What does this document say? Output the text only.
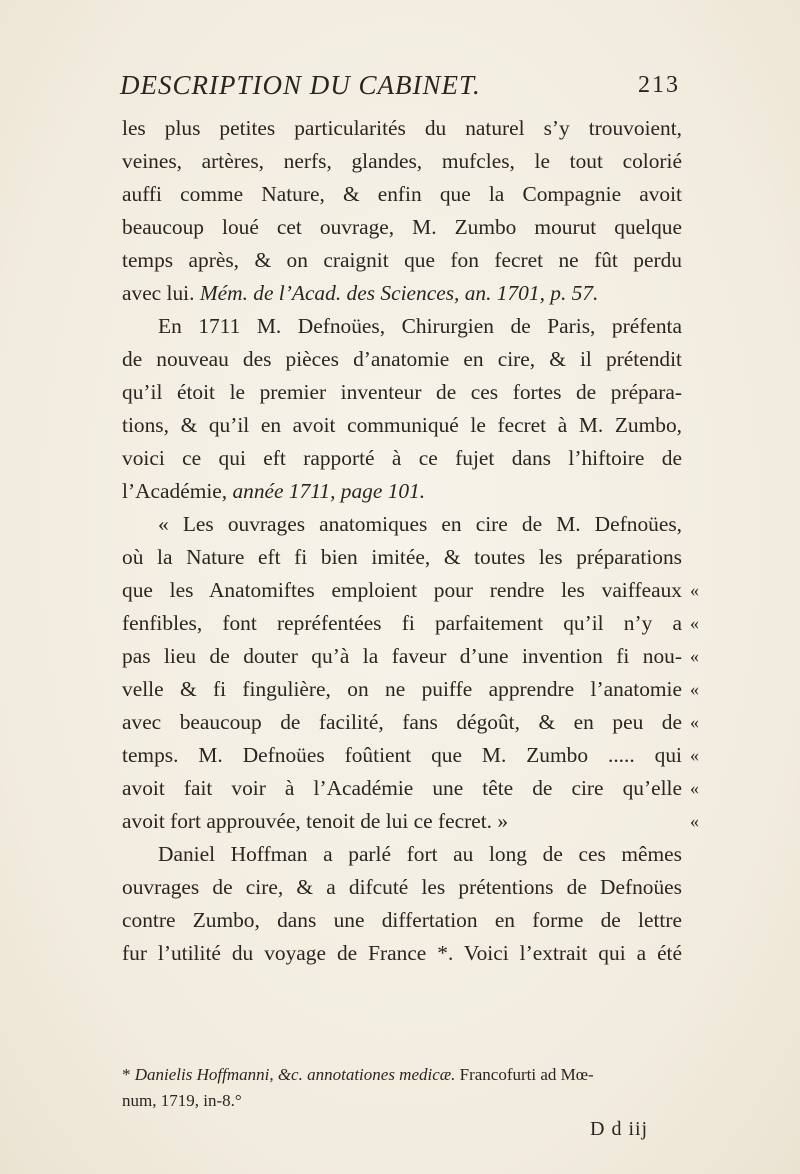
DESCRIPTION DU CABINET.	213
les plus petites particularités du naturel s’y trouvoient,
veines, artères, nerfs, glandes, mufcles, le tout colorié
auffi comme Nature, & enfin que la Compagnie avoit
beaucoup loué cet ouvrage, M. Zumbo mourut quelque
temps après, & on craignit que fon fecret ne fût perdu
avec lui. Mém. de l’Acad. des Sciences, an. 1701, p. 57.
En 1711 M. Defnoües, Chirurgien de Paris, préfenta
de nouveau des pièces d’anatomie en cire, & il prétendit
qu’il étoit le premier inventeur de ces fortes de prépara-
tions, & qu’il en avoit communiqué le fecret à M. Zumbo,
voici ce qui eft rapporté à ce fujet dans l’hiftoire de
l’Académie, année 1711, page 101.
« Les ouvrages anatomiques en cire de M. Defnoües,
où la Nature eft fi bien imitée, & toutes les préparations
que les Anatomiftes emploient pour rendre les vaiffeaux
fenfibles, font repréfentées fi parfaitement qu’il n’y a
pas lieu de douter qu’à la faveur d’une invention fi nou-
velle & fi fingulière, on ne puiffe apprendre l’anatomie
avec beaucoup de facilité, fans dégoût, & en peu de
temps. M. Defnoües foûtient que M. Zumbo ..... qui
avoit fait voir à l’Académie une tête de cire qu’elle
avoit fort approuvée, tenoit de lui ce fecret. »
Daniel Hoffman a parlé fort au long de ces mêmes
ouvrages de cire, & a difcuté les prétentions de Defnoües
contre Zumbo, dans une differtation en forme de lettre
fur l’utilité du voyage de France *. Voici l’extrait qui a été
«
«
«
«
«
«
«
«
* Danielis Hoffmanni, &c. annotationes medicæ. Francofurti ad Mœ-
num, 1719, in-8.°
D d iij
